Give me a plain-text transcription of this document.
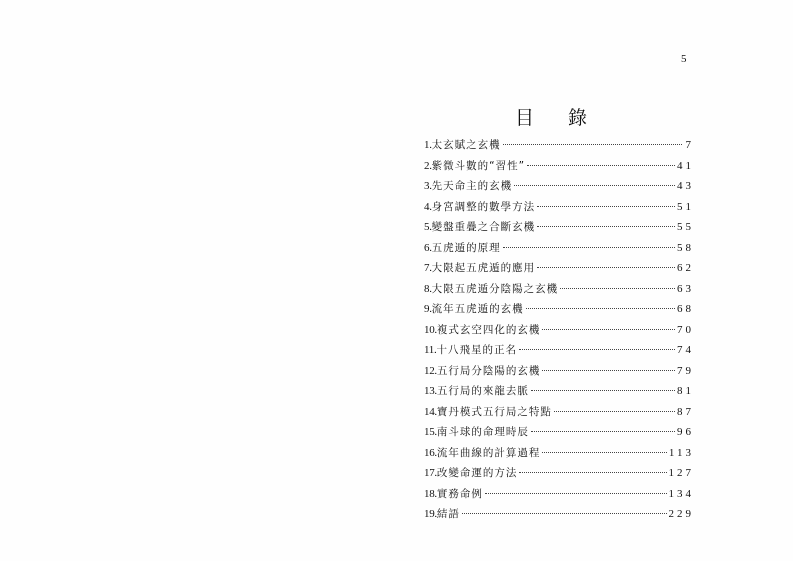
5
目 錄
1. 太玄賦之玄機	7
2. 紫微斗數的“習性”	41
3. 先天命主的玄機	43
4. 身宮調整的數學方法	51
5. 變盤重疊之合斷玄機	55
6. 五虎遁的原理	58
7. 大限起五虎遁的應用	62
8. 大限五虎遁分陰陽之玄機	63
9. 流年五虎遁的玄機	68
10. 複式玄空四化的玄機	70
11. 十八飛星的正名	74
12. 五行局分陰陽的玄機	79
13. 五行局的來龍去脈	81
14. 寶丹模式五行局之特點	87
15. 南斗球的命理時辰	96
16. 流年曲線的計算過程	113
17. 改變命運的方法	127
18. 實務命例	134
19. 結語	229
